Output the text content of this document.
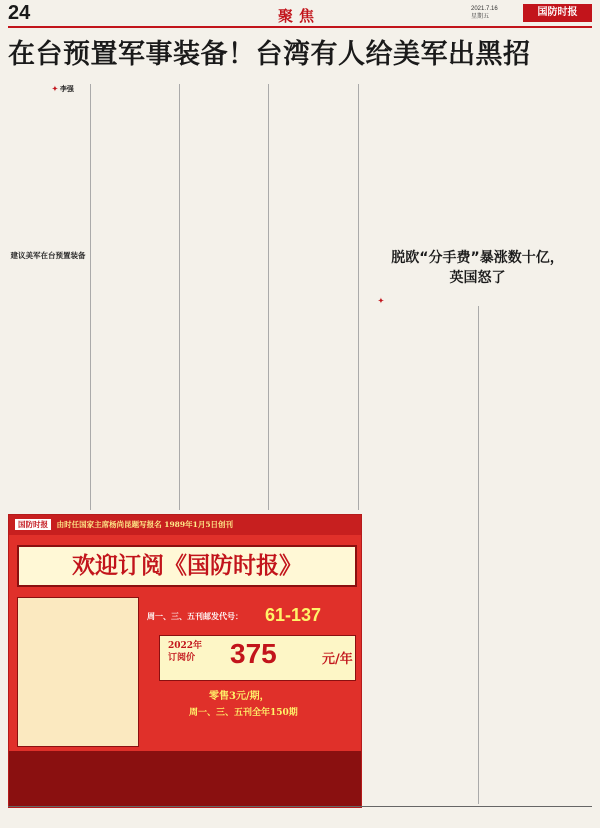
24	聚焦	2021.7.16
星期五	国防时报
在台预置军事装备！台湾有人给美军出黑招
✦ 李强
建议美军在台预置装备	脱欧“分手费”暴涨数十亿，
英国怒了
✦
国防时报 由时任国家主席杨尚昆题写报名 1989年1月5日创刊
欢迎订阅《国防时报》
周一、三、五刊邮发代号： 61-137
2022年
订阅价 375	元/年
零售3元/期，
周一、三、五刊全年150期
